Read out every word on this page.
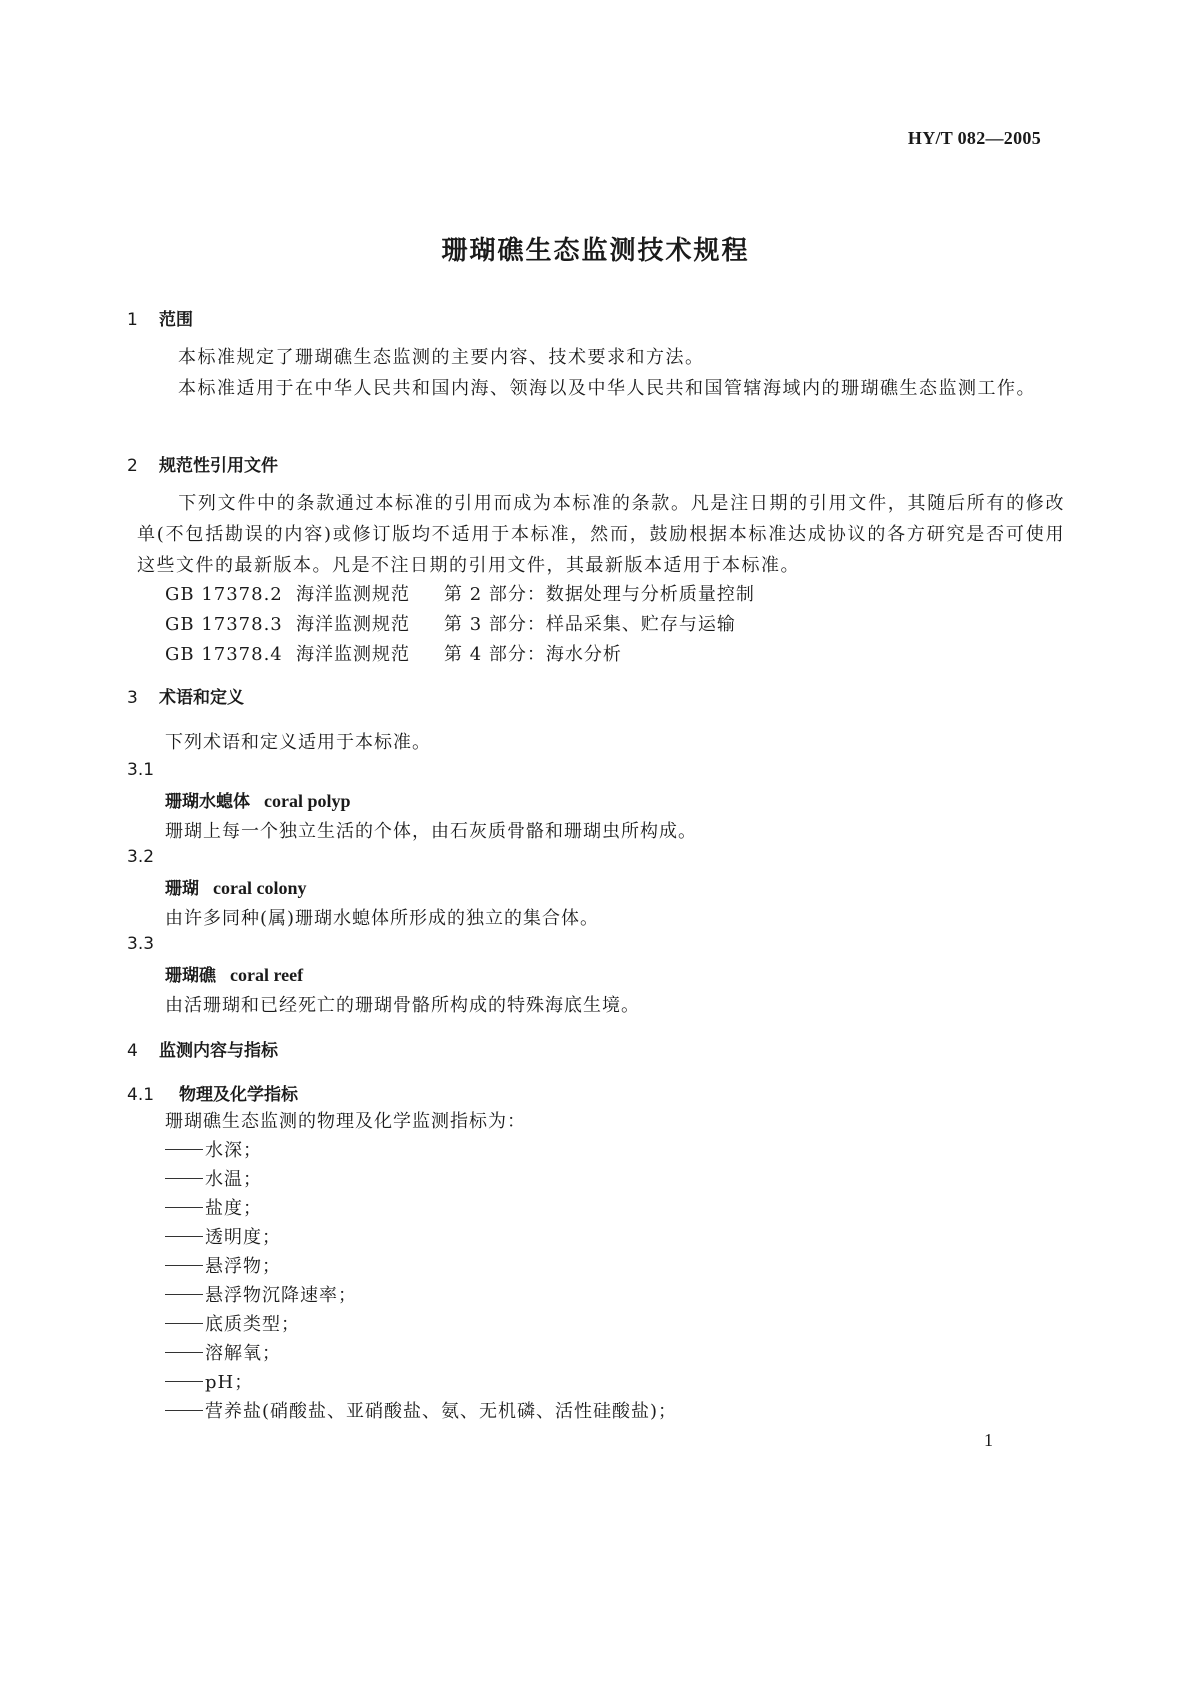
HY/T 082—2005
珊瑚礁生态监测技术规程
1 范围
本标准规定了珊瑚礁生态监测的主要内容、技术要求和方法。
本标准适用于在中华人民共和国内海、领海以及中华人民共和国管辖海域内的珊瑚礁生态监测工作。
2 规范性引用文件
下列文件中的条款通过本标准的引用而成为本标准的条款。凡是注日期的引用文件，其随后所有的修改单(不包括勘误的内容)或修订版均不适用于本标准，然而，鼓励根据本标准达成协议的各方研究是否可使用这些文件的最新版本。凡是不注日期的引用文件，其最新版本适用于本标准。
GB 17378.2 海洋监测规范 第 2 部分：数据处理与分析质量控制
GB 17378.3 海洋监测规范 第 3 部分：样品采集、贮存与运输
GB 17378.4 海洋监测规范 第 4 部分：海水分析
3 术语和定义
下列术语和定义适用于本标准。
3.1
珊瑚水螅体 coral polyp
珊瑚上每一个独立生活的个体，由石灰质骨骼和珊瑚虫所构成。
3.2
珊瑚 coral colony
由许多同种(属)珊瑚水螅体所形成的独立的集合体。
3.3
珊瑚礁 coral reef
由活珊瑚和已经死亡的珊瑚骨骼所构成的特殊海底生境。
4 监测内容与指标
4.1 物理及化学指标
珊瑚礁生态监测的物理及化学监测指标为：
水深；
水温；
盐度；
透明度；
悬浮物；
悬浮物沉降速率；
底质类型；
溶解氧；
pH；
营养盐(硝酸盐、亚硝酸盐、氨、无机磷、活性硅酸盐)；
1
